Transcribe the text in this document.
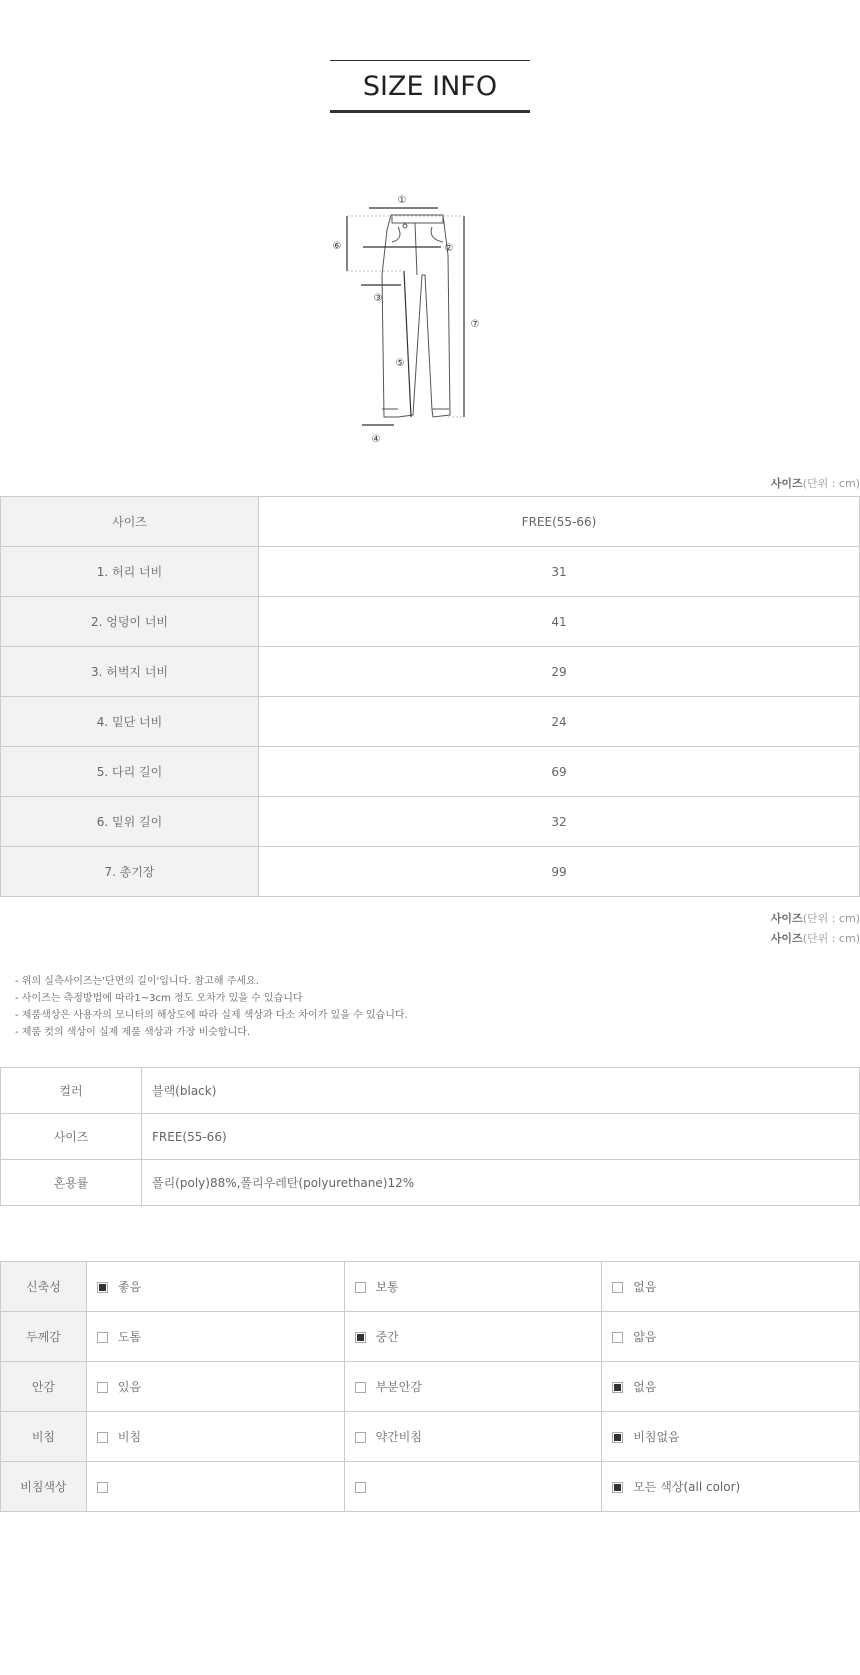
SIZE INFO
①
②
③
④
⑤
⑥
⑦
사이즈(단위 : cm)
사이즈	FREE(55-66)
1. 허리 너비	31
2. 엉덩이 너비	41
3. 허벅지 너비	29
4. 밑단 너비	24
5. 다리 길이	69
6. 밑위 길이	32
7. 총기장	99
사이즈(단위 : cm)
사이즈(단위 : cm)
- 위의 실측사이즈는'단면의 길이'입니다. 참고해 주세요.
- 사이즈는 측정방법에 따라1~3cm 정도 오차가 있을 수 있습니다
- 제품색상은 사용자의 모니터의 해상도에 따라 실제 색상과 다소 차이가 있을 수 있습니다.
- 제품 컷의 색상이 실제 제품 색상과 가장 비슷합니다.
컬러	블랙(black)
사이즈	FREE(55-66)
혼용률	폴리(poly)88%,폴리우레탄(polyurethane)12%
신축성	좋음	보통	없음
두께감	도톰	중간	얇음
안감	있음	부분안감	없음
비침	비침	약간비침	비침없음
비침색상			모든 색상(all color)
